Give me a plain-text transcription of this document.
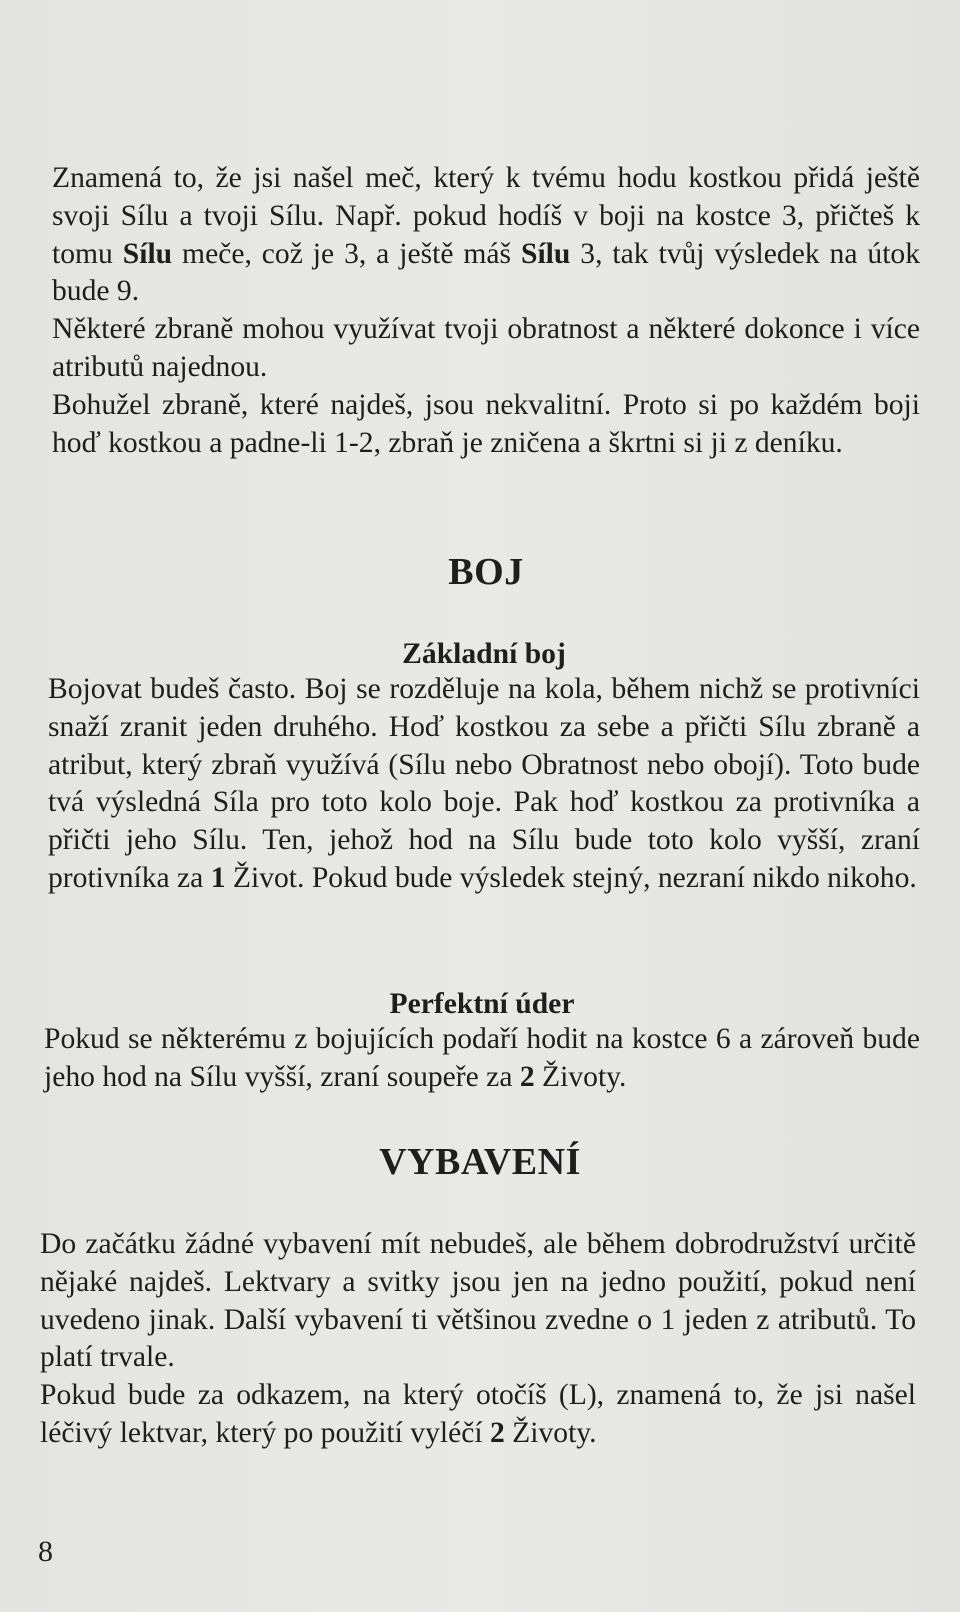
Znamená to, že jsi našel meč, který k tvému hodu kostkou přidá ještě svoji Sílu a tvoji Sílu. Např. pokud hodíš v boji na kostce 3, přičteš k tomu Sílu meče, což je 3, a ještě máš Sílu 3, tak tvůj výsledek na útok bude 9.

Některé zbraně mohou využívat tvoji obratnost a některé dokonce i více atributů najednou.

Bohužel zbraně, které najdeš, jsou nekvalitní. Proto si po každém boji hoď kostkou a padne-li 1-2, zbraň je zničena a škrtni si ji z deníku.

BOJ
Základní boj

Bojovat budeš často. Boj se rozděluje na kola, během nichž se protivníci snaží zranit jeden druhého. Hoď kostkou za sebe a přičti Sílu zbraně a atribut, který zbraň využívá (Sílu nebo Obratnost nebo obojí). Toto bude tvá výsledná Síla pro toto kolo boje. Pak hoď kostkou za protivníka a přičti jeho Sílu. Ten, jehož hod na Sílu bude toto kolo vyšší, zraní protivníka za 1 Život. Pokud bude výsledek stejný, nezraní nikdo nikoho.

Perfektní úder

Pokud se některému z bojujících podaří hodit na kostce 6 a zároveň bude jeho hod na Sílu vyšší, zraní soupeře za 2 Životy.

VYBAVENÍ

Do začátku žádné vybavení mít nebudeš, ale během dobrodružství určitě nějaké najdeš. Lektvary a svitky jsou jen na jedno použití, pokud není uvedeno jinak. Další vybavení ti většinou zvedne o 1 jeden z atributů. To platí trvale.

Pokud bude za odkazem, na který otočíš (L), znamená to, že jsi našel léčivý lektvar, který po použití vyléčí 2 Životy.

8
